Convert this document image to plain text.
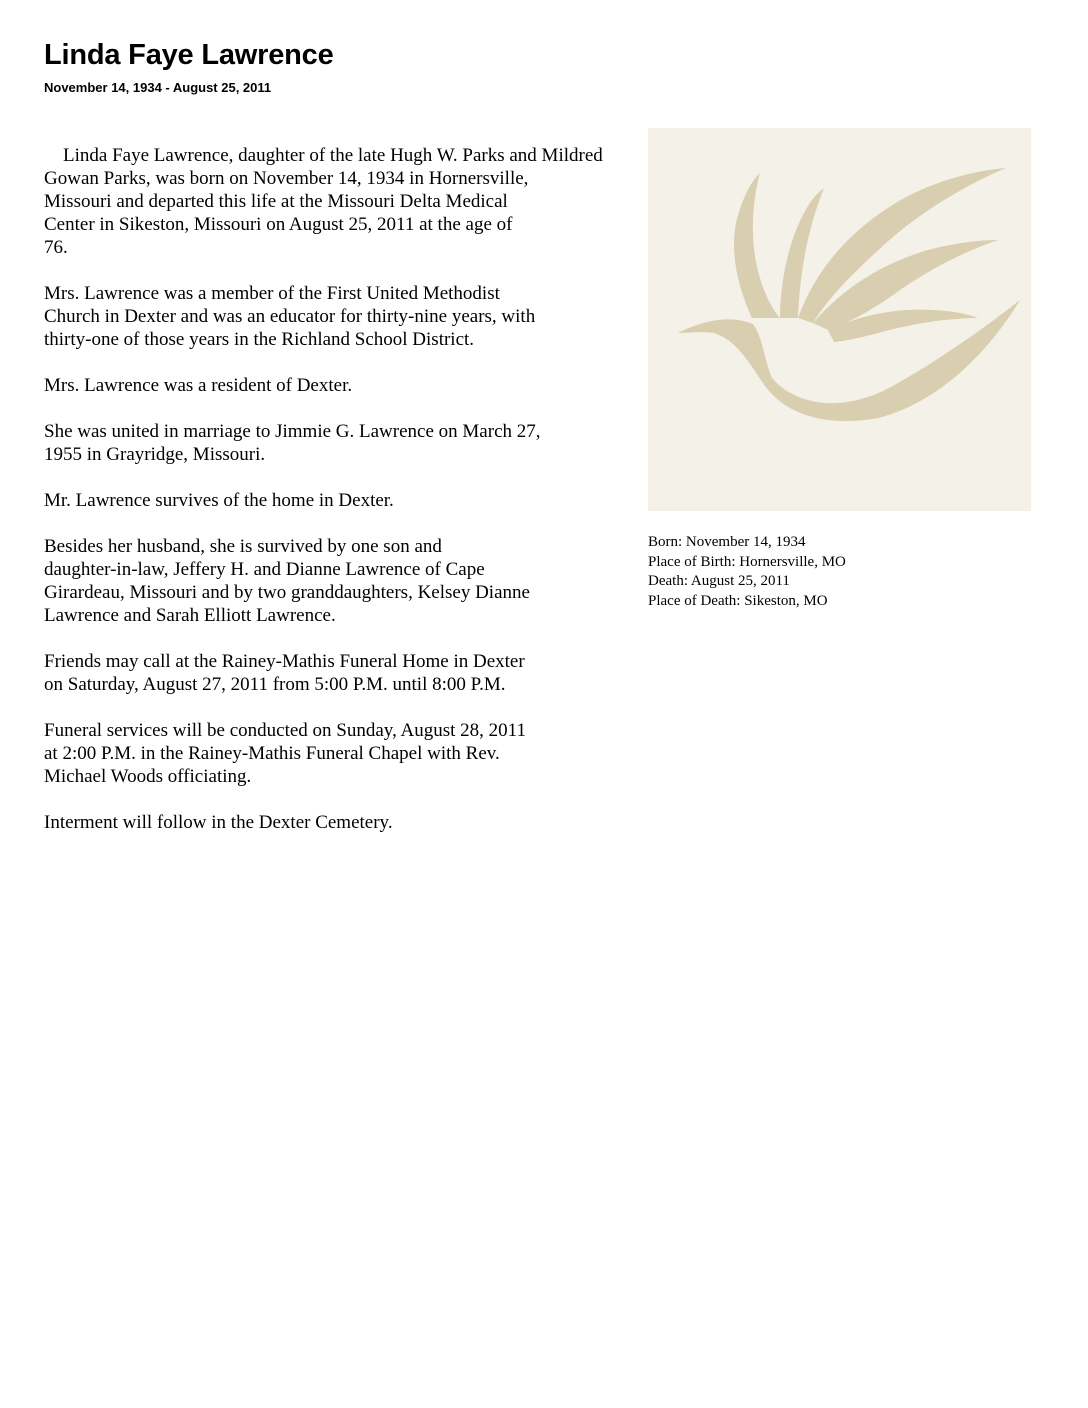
Linda Faye Lawrence
November 14, 1934 - August 25, 2011

Linda Faye Lawrence, daughter of the late Hugh W. Parks and Mildred
Gowan Parks, was born on November 14, 1934 in Hornersville,
Missouri and departed this life at the Missouri Delta Medical
Center in Sikeston, Missouri on August 25, 2011 at the age of
76.

Mrs. Lawrence was a member of the First United Methodist
Church in Dexter and was an educator for thirty-nine years, with
thirty-one of those years in the Richland School District.

Mrs. Lawrence was a resident of Dexter.

She was united in marriage to Jimmie G. Lawrence on March 27,
1955 in Grayridge, Missouri.

Mr. Lawrence survives of the home in Dexter.

Besides her husband, she is survived by one son and
daughter-in-law, Jeffery H. and Dianne Lawrence of Cape
Girardeau, Missouri and by two granddaughters, Kelsey Dianne
Lawrence and Sarah Elliott Lawrence.

Friends may call at the Rainey-Mathis Funeral Home in Dexter
on Saturday, August 27, 2011 from 5:00 P.M. until 8:00 P.M.

Funeral services will be conducted on Sunday, August 28, 2011
at 2:00 P.M. in the Rainey-Mathis Funeral Chapel with Rev.
Michael Woods officiating.

Interment will follow in the Dexter Cemetery.

Born: November 14, 1934
Place of Birth: Hornersville, MO
Death: August 25, 2011
Place of Death: Sikeston, MO
